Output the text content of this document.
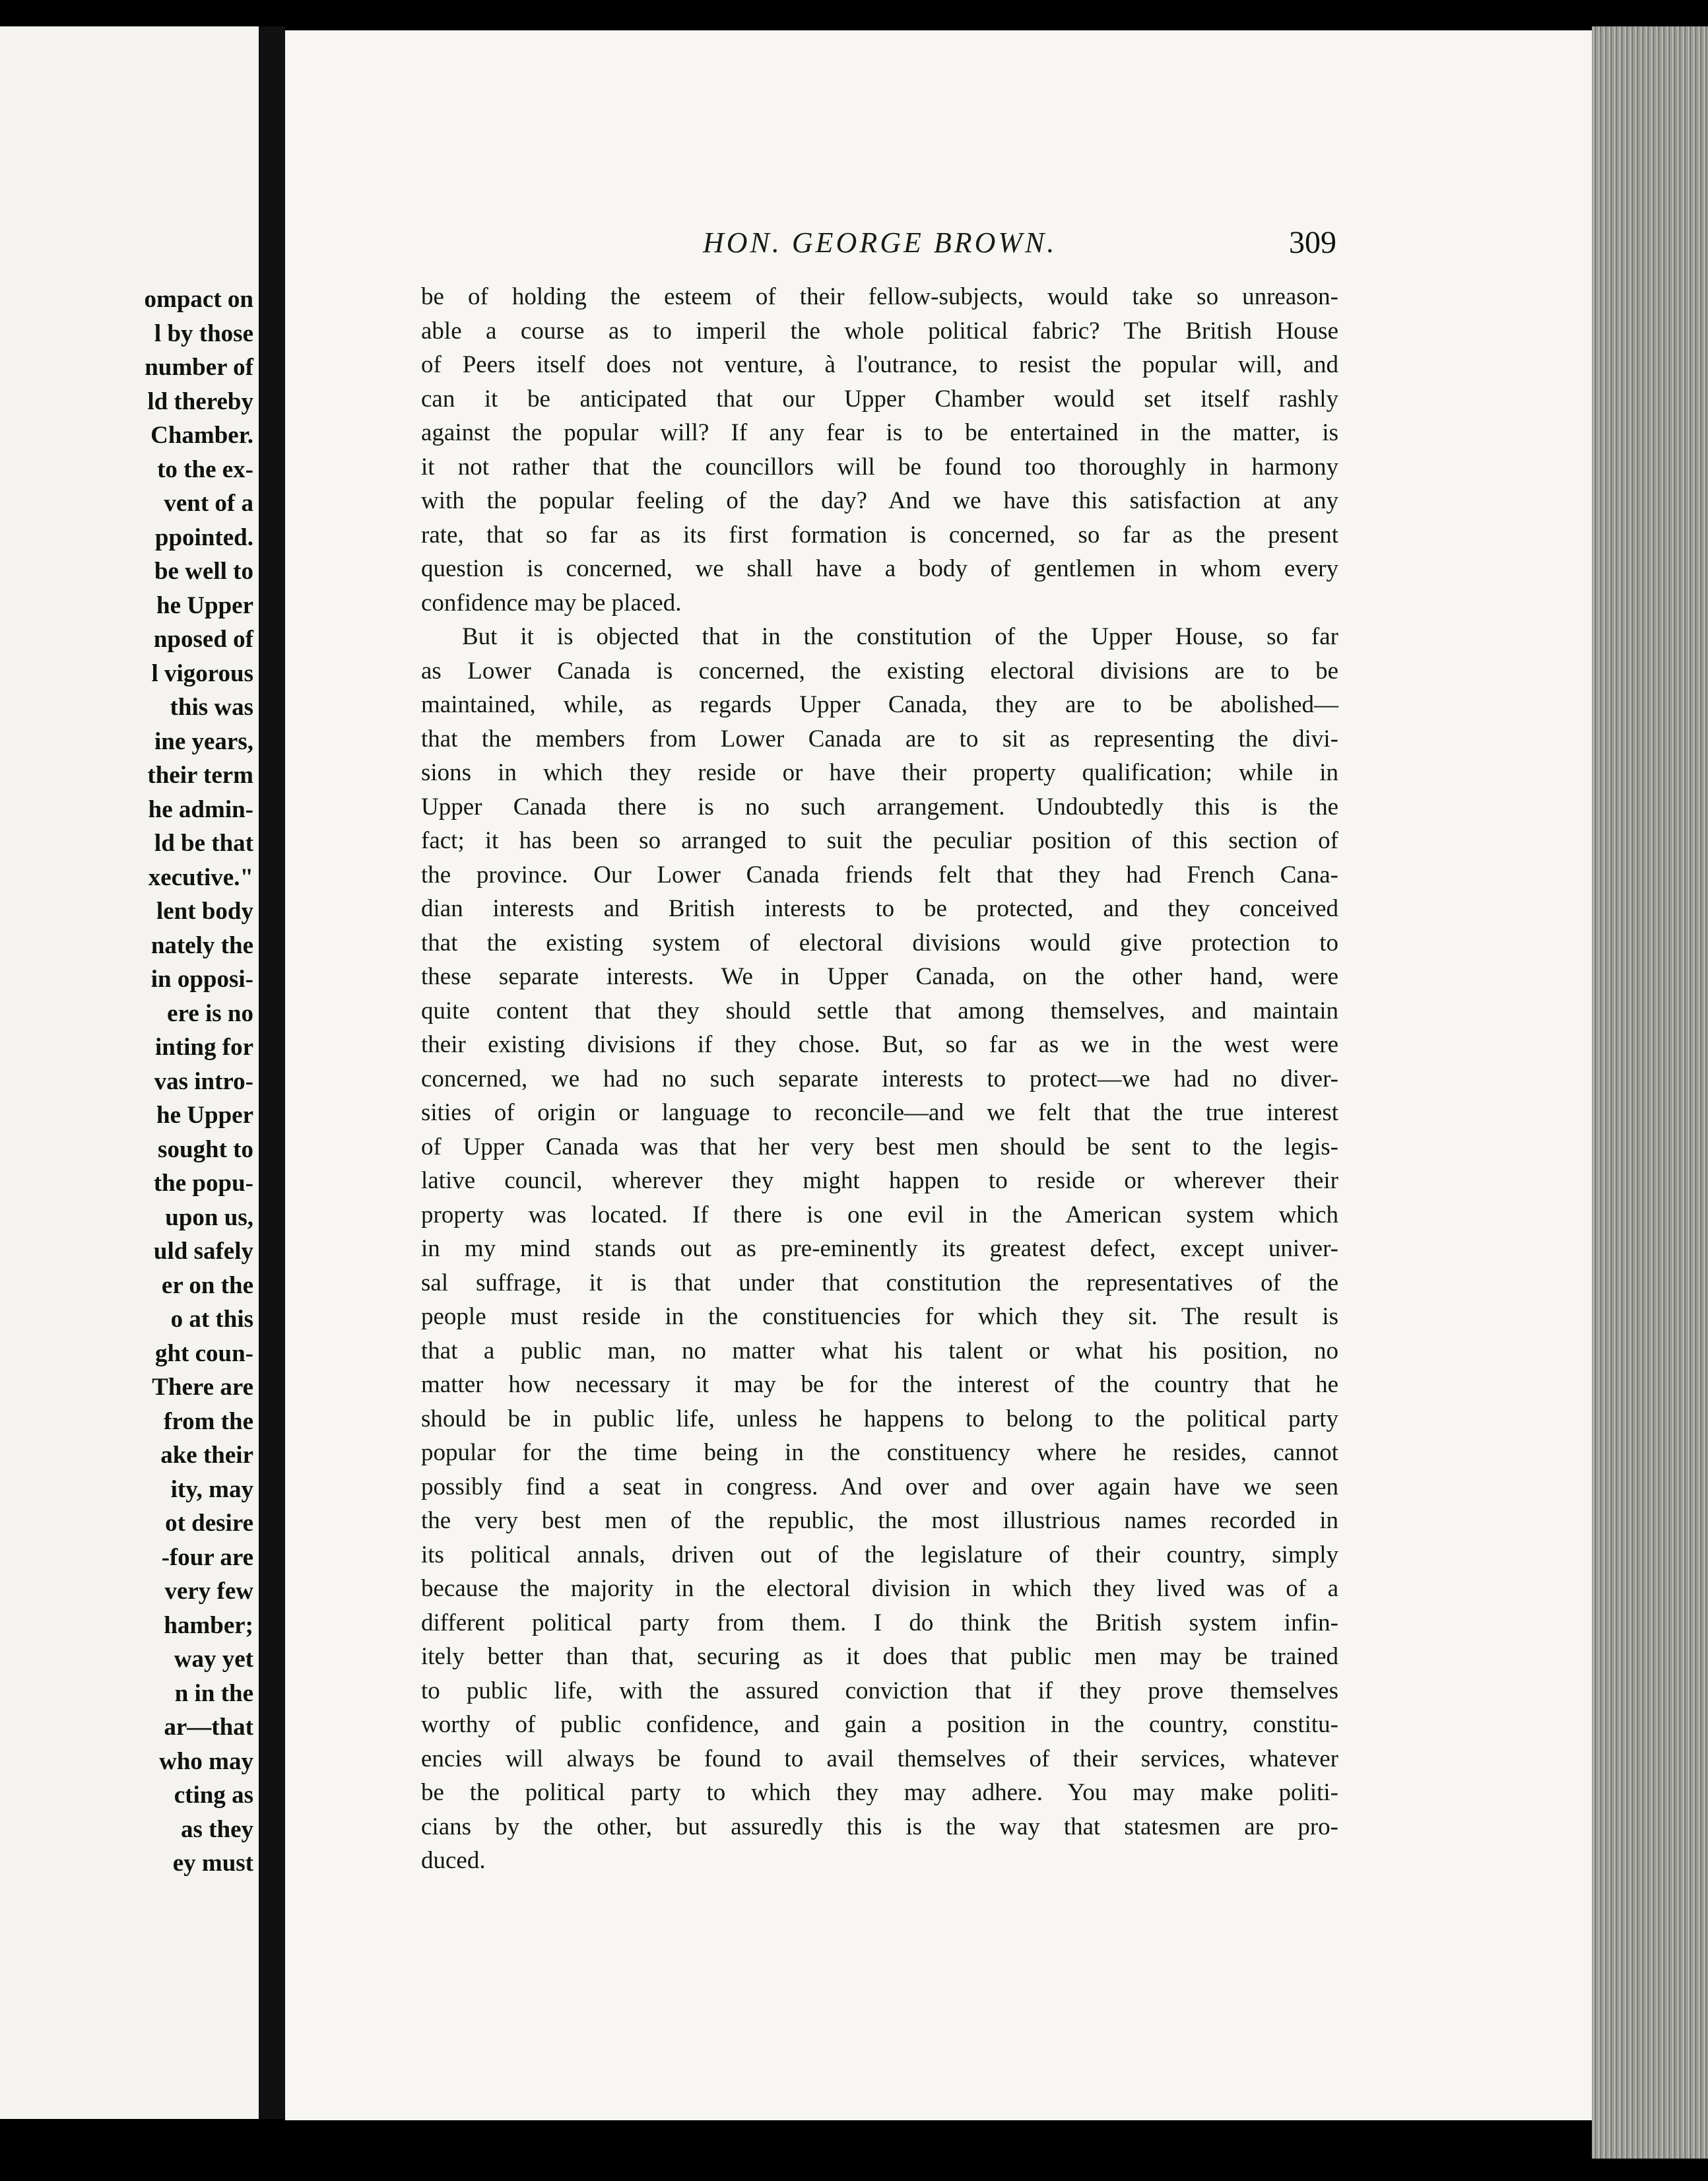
ompact on
l by those
number of
ld thereby
Chamber.
to the ex-
vent of a
ppointed.
be well to
he Upper
nposed of
l vigorous
this was
ine years,
their term
he admin-
ld be that
xecutive."
lent body
nately the
in opposi-
ere is no
inting for
vas intro-
he Upper
sought to
the popu-
upon us,
uld safely
er on the
o at this
ght coun-
There are
from the
ake their
ity, may
ot desire
-four are
very few
hamber;
way yet
n in the
ar—that
who may
cting as
as they
ey must
HON. GEORGE BROWN.	309
be of holding the esteem of their fellow-subjects, would take so unreason-
able a course as to imperil the whole political fabric? The British House
of Peers itself does not venture, à l'outrance, to resist the popular will, and
can it be anticipated that our Upper Chamber would set itself rashly
against the popular will? If any fear is to be entertained in the matter, is
it not rather that the councillors will be found too thoroughly in harmony
with the popular feeling of the day? And we have this satisfaction at any
rate, that so far as its first formation is concerned, so far as the present
question is concerned, we shall have a body of gentlemen in whom every
confidence may be placed.
But it is objected that in the constitution of the Upper House, so far
as Lower Canada is concerned, the existing electoral divisions are to be
maintained, while, as regards Upper Canada, they are to be abolished—
that the members from Lower Canada are to sit as representing the divi-
sions in which they reside or have their property qualification; while in
Upper Canada there is no such arrangement. Undoubtedly this is the
fact; it has been so arranged to suit the peculiar position of this section of
the province. Our Lower Canada friends felt that they had French Cana-
dian interests and British interests to be protected, and they conceived
that the existing system of electoral divisions would give protection to
these separate interests. We in Upper Canada, on the other hand, were
quite content that they should settle that among themselves, and maintain
their existing divisions if they chose. But, so far as we in the west were
concerned, we had no such separate interests to protect—we had no diver-
sities of origin or language to reconcile—and we felt that the true interest
of Upper Canada was that her very best men should be sent to the legis-
lative council, wherever they might happen to reside or wherever their
property was located. If there is one evil in the American system which
in my mind stands out as pre-eminently its greatest defect, except univer-
sal suffrage, it is that under that constitution the representatives of the
people must reside in the constituencies for which they sit. The result is
that a public man, no matter what his talent or what his position, no
matter how necessary it may be for the interest of the country that he
should be in public life, unless he happens to belong to the political party
popular for the time being in the constituency where he resides, cannot
possibly find a seat in congress. And over and over again have we seen
the very best men of the republic, the most illustrious names recorded in
its political annals, driven out of the legislature of their country, simply
because the majority in the electoral division in which they lived was of a
different political party from them. I do think the British system infin-
itely better than that, securing as it does that public men may be trained
to public life, with the assured conviction that if they prove themselves
worthy of public confidence, and gain a position in the country, constitu-
encies will always be found to avail themselves of their services, whatever
be the political party to which they may adhere. You may make politi-
cians by the other, but assuredly this is the way that statesmen are pro-
duced.
